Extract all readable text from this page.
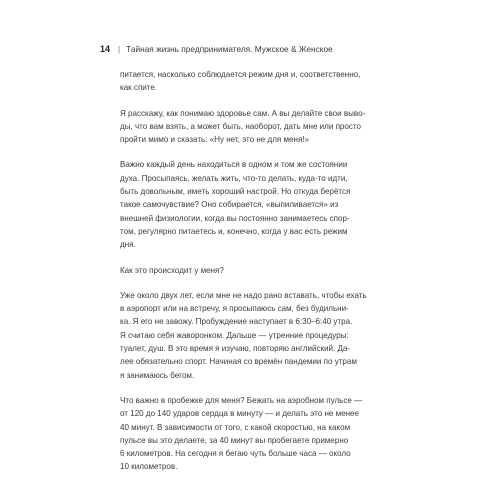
14 | Тайная жизнь предпринимателя. Мужское & Женское

питается, насколько соблюдается режим дня и, соответственно,
как спите.

Я расскажу, как понимаю здоровье сам. А вы делайте свои выво-
ды, что вам взять, а может быть, наоборот, дать мне или просто
пройти мимо и сказать: «Ну нет, это не для меня!»

Важно каждый день находиться в одном и том же состоянии
духа. Просыпаясь, желать жить, что-то делать, куда-то идти,
быть довольным, иметь хороший настрой. Но откуда берётся
такое самочувствие? Оно собирается, «выпиливается» из
внешней физиологии, когда вы постоянно занимаетесь спор-
том, регулярно питаетесь и, конечно, когда у вас есть режим
дня.

Как это происходит у меня?

Уже около двух лет, если мне не надо рано вставать, чтобы ехать
в аэропорт или на встречу, я просыпаюсь сам, без будильни-
ка. Я его не завожу. Пробуждение наступает в 6:30–6:40 утра.
Я считаю себя жаворонком. Дальше — утренние процедуры:
туалет, душ. В это время я изучаю, повторяю английский. Да-
лее обязательно спорт. Начиная со времён пандемии по утрам
я занимаюсь бегом.

Что важно в пробежке для меня? Бежать на аэробном пульсе —
от 120 до 140 ударов сердца в минуту — и делать это не менее
40 минут. В зависимости от того, с какой скоростью, на каком
пульсе вы это делаете, за 40 минут вы пробегаете примерно
6 километров. На сегодня я бегаю чуть больше часа — около
10 километров.
